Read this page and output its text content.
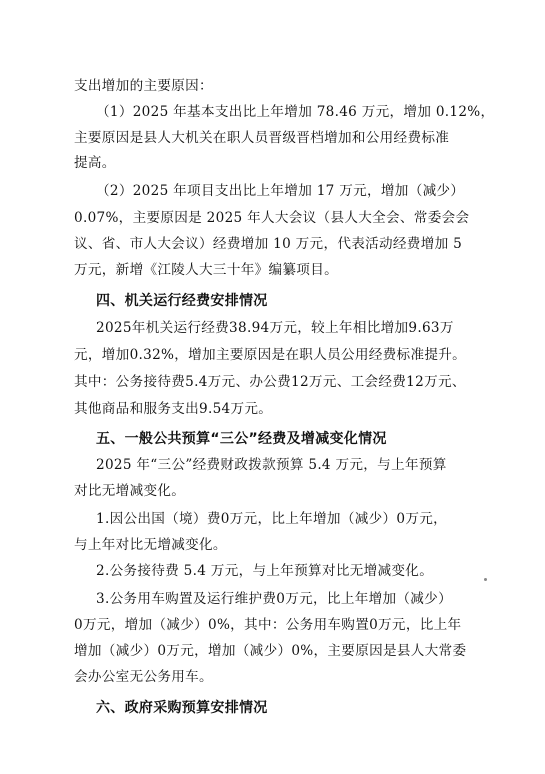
支出增加的主要原因：
（1）2025 年基本支出比上年增加 78.46 万元，增加 0.12%，
主要原因是县人大机关在职人员晋级晋档增加和公用经费标准
提高。
（2）2025 年项目支出比上年增加 17 万元，增加（减少）
0.07%，主要原因是 2025 年人大会议（县人大全会、常委会会
议、省、市人大会议）经费增加 10 万元，代表活动经费增加 5
万元，新增《江陵人大三十年》编纂项目。
四、机关运行经费安排情况
2025年机关运行经费38.94万元，较上年相比增加9.63万
元，增加0.32%，增加主要原因是在职人员公用经费标准提升。
其中：公务接待费5.4万元、办公费12万元、工会经费12万元、
其他商品和服务支出9.54万元。
五、一般公共预算“三公”经费及增减变化情况
2025 年“三公”经费财政拨款预算 5.4 万元，与上年预算
对比无增减变化。
1.因公出国（境）费0万元，比上年增加（减少）0万元，
与上年对比无增减变化。
2.公务接待费 5.4 万元，与上年预算对比无增减变化。
3.公务用车购置及运行维护费0万元，比上年增加（减少）
0万元，增加（减少）0%，其中：公务用车购置0万元，比上年
增加（减少）0万元，增加（减少）0%，主要原因是县人大常委
会办公室无公务用车。
六、政府采购预算安排情况
